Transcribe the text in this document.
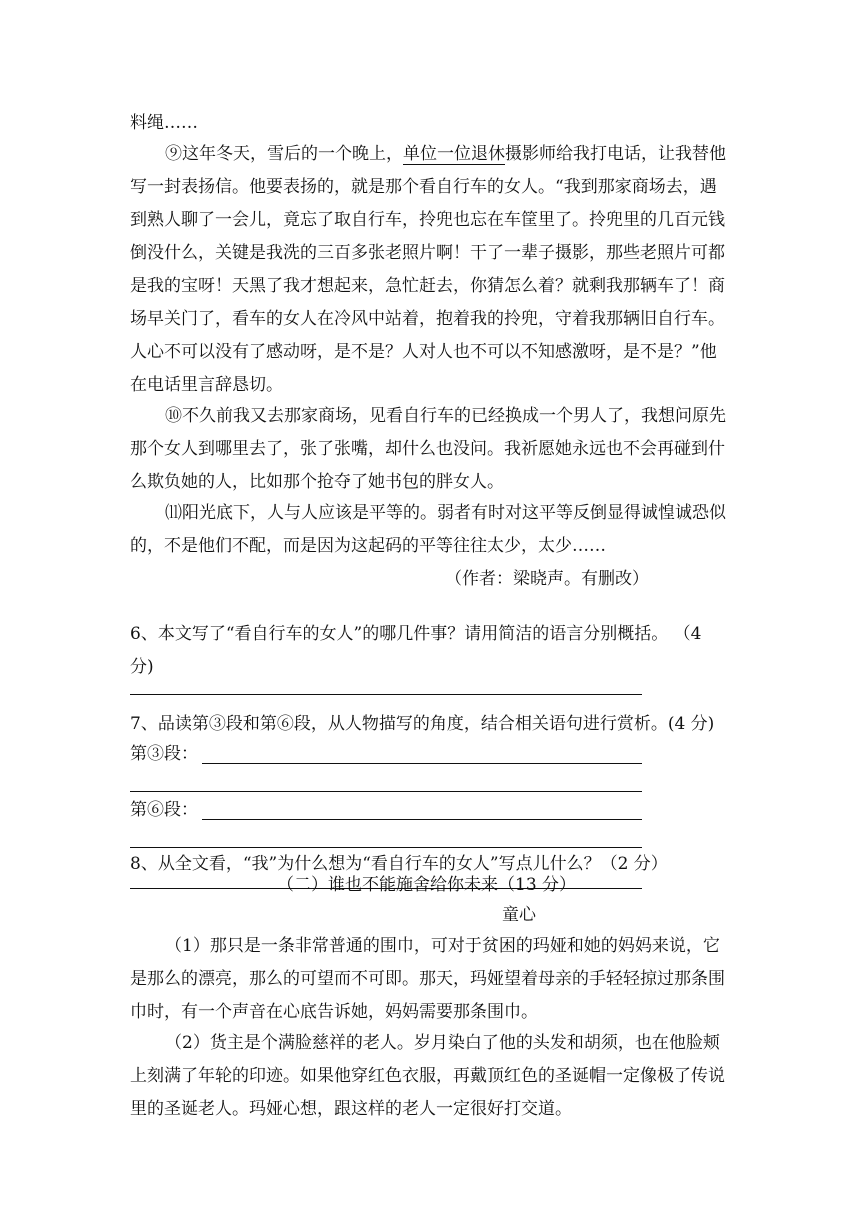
料绳……
⑨这年冬天，雪后的一个晚上，单位一位退休摄影师给我打电话，让我替他
写一封表扬信。他要表扬的，就是那个看自行车的女人。“我到那家商场去，遇
到熟人聊了一会儿，竟忘了取自行车，拎兜也忘在车筐里了。拎兜里的几百元钱
倒没什么，关键是我洗的三百多张老照片啊！干了一辈子摄影，那些老照片可都
是我的宝呀！天黑了我才想起来，急忙赶去，你猜怎么着？就剩我那辆车了！商
场早关门了，看车的女人在冷风中站着，抱着我的拎兜，守着我那辆旧自行车。
人心不可以没有了感动呀，是不是？人对人也不可以不知感激呀，是不是？”他
在电话里言辞恳切。
⑩不久前我又去那家商场，见看自行车的已经换成一个男人了，我想问原先
那个女人到哪里去了，张了张嘴，却什么也没问。我祈愿她永远也不会再碰到什
么欺负她的人，比如那个抢夺了她书包的胖女人。
⑾阳光底下，人与人应该是平等的。弱者有时对这平等反倒显得诚惶诚恐似
的，不是他们不配，而是因为这起码的平等往往太少，太少……
（作者：梁晓声。有删改）
6、本文写了“看自行车的女人”的哪几件事？请用简洁的语言分别概括。 （4
分)
7、品读第③段和第⑥段，从人物描写的角度，结合相关语句进行赏析。(4 分)
第③段：
第⑥段：
8、从全文看，“我”为什么想为“看自行车的女人”写点儿什么？（2 分）
（二）谁也不能施舍给你未来（13 分）
童心
（1）那只是一条非常普通的围巾，可对于贫困的玛娅和她的妈妈来说，它
是那么的漂亮，那么的可望而不可即。那天，玛娅望着母亲的手轻轻掠过那条围
巾时，有一个声音在心底告诉她，妈妈需要那条围巾。
（2）货主是个满脸慈祥的老人。岁月染白了他的头发和胡须，也在他脸颊
上刻满了年轮的印迹。如果他穿红色衣服，再戴顶红色的圣诞帽一定像极了传说
里的圣诞老人。玛娅心想，跟这样的老人一定很好打交道。
